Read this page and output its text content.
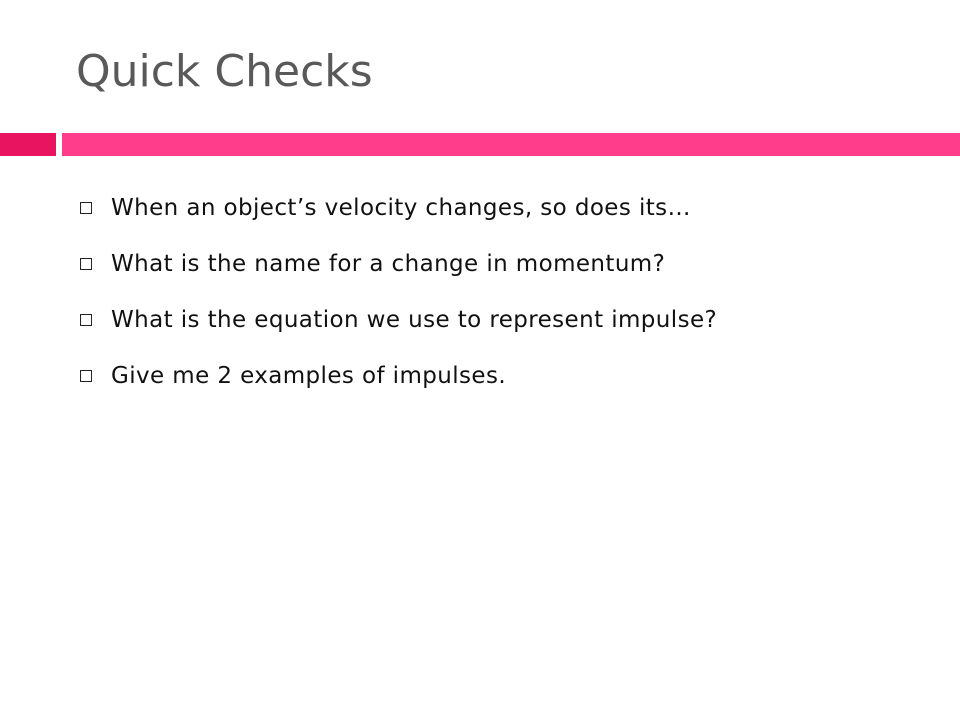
Quick Checks
When an object’s velocity changes, so does its…
What is the name for a change in momentum?
What is the equation we use to represent impulse?
Give me 2 examples of impulses.
